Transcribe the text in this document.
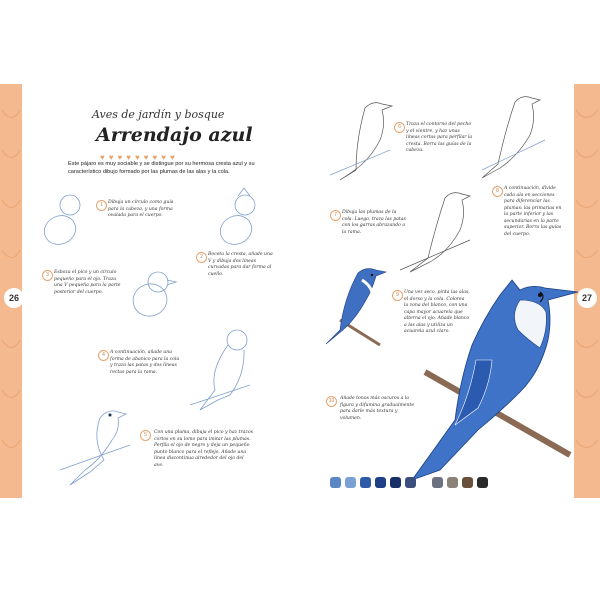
26	27
Aves de jardín y bosque
Arrendajo azul
♥ ♥ ♥ ♥ ♥ ♥ ♥ ♥ ♥
Este pájaro es muy sociable y se distingue por su hermosa cresta azul y su característico dibujo formado por las plumas de las alas y la cola.
1	Dibuja un círculo como guía para la cabeza, y una forma ovalada para el cuerpo.
2	Boceta la cresta, añade una V y dibuja dos líneas curvadas para dar forma al cuello.
3	Esboza el pico y un círculo pequeño para el ojo. Traza una V pequeña para la parte posterior del cuerpo.
4	A continuación, añade una forma de abanico para la cola y traza las patas y dos líneas rectas para la rama.
5	Con una pluma, dibuja el pico y haz trazos cortos en su lomo para imitar las plumas. Perfila el ojo de negro y deja un pequeño punto blanco para el reflejo. Añade una línea discontinua alrededor del ojo del ave.
6	Traza el contorno del pecho y el vientre, y haz unas líneas cortas para perfilar la cresta. Borra las guías de la cabeza.
7	Dibuja las plumas de la cola. Luego, traza las patas con los garras abrazando a la rama.
8	A continuación, divide cada ala en secciones para diferenciar las plumas: las primarias en la parte inferior y las secundarias en la parte superior. Borra las guías del cuerpo.
9	Una vez seco, pinta las alas, el dorso y la cola. Colorea la zona del blanco, con una capa mayor acuarela que alterna el ojo. Añade blanco a las alas y utiliza un acuarela azul claro.
10	Añade tonos más oscuros a la figura y difumina gradualmente para darle más textura y volumen.
